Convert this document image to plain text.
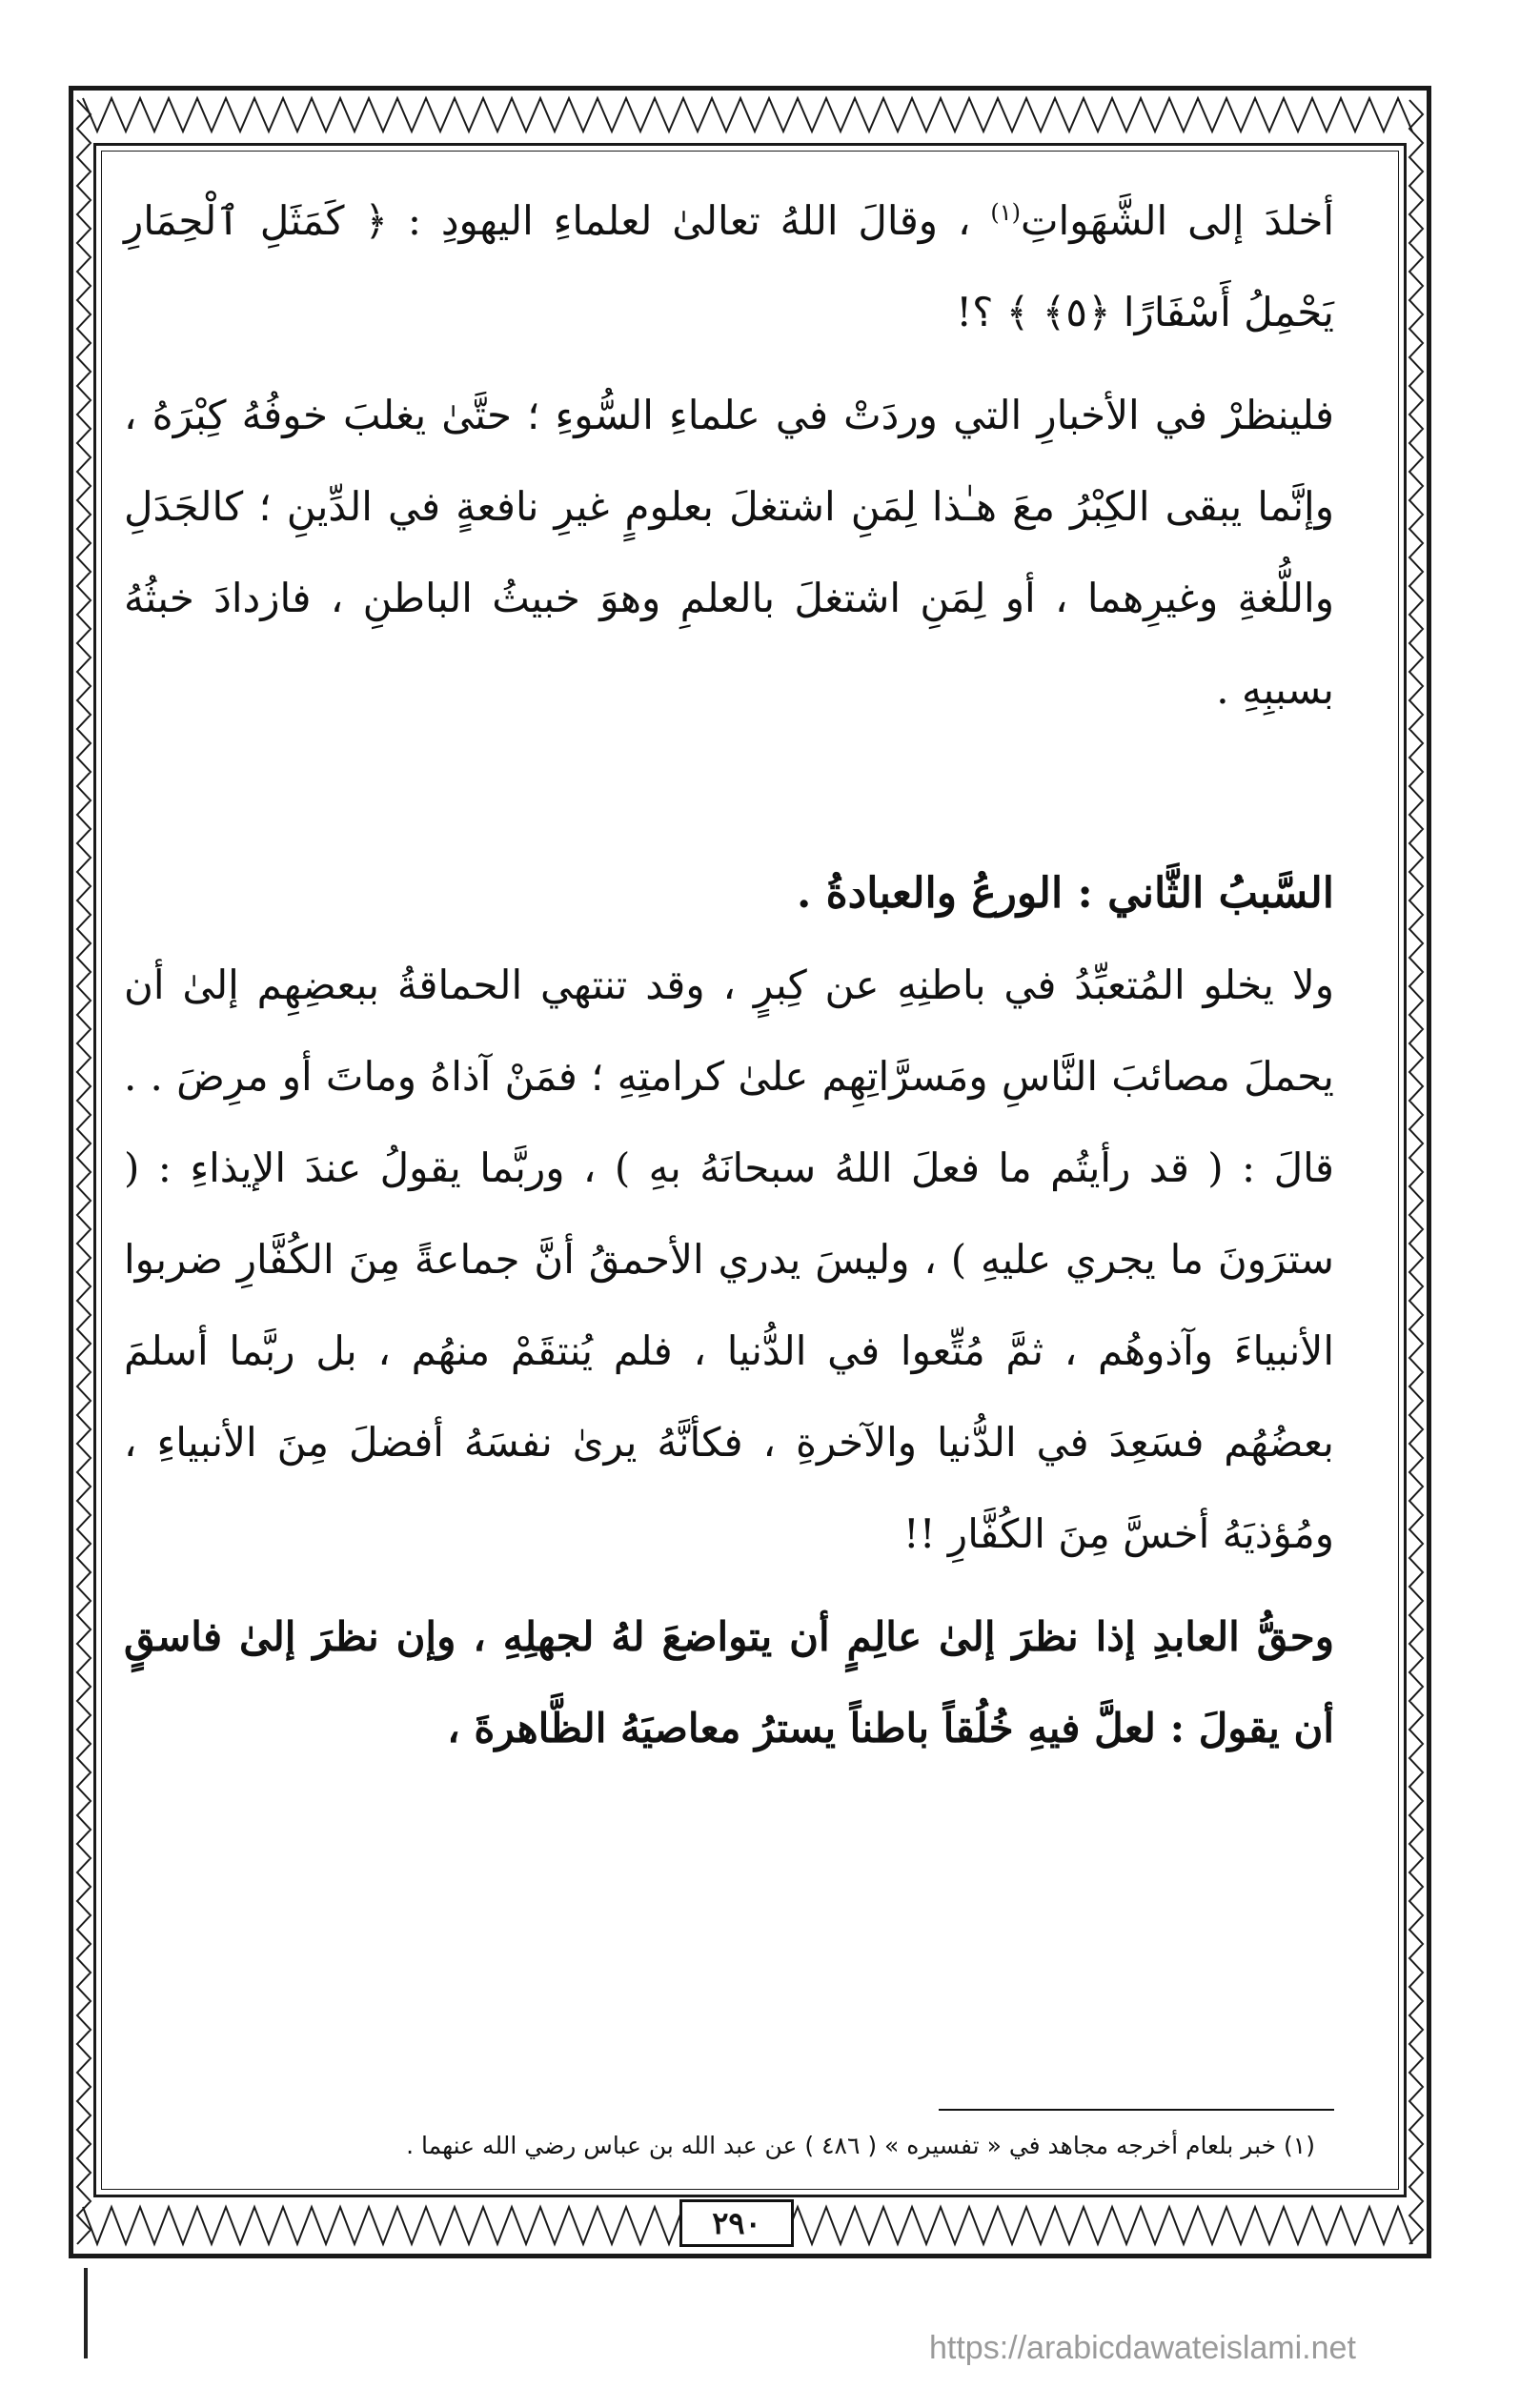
أخلدَ إلى الشَّهَواتِ$^{(١)}$ ، وقالَ اللهُ تعالىٰ لعلماءِ اليهودِ : ﴿ كَمَثَلِ ٱلْحِمَارِ يَحْمِلُ أَسْفَارًا ﴿٥﴾ ﴾ ؟!

فلينظرْ في الأخبارِ التي وردَتْ في علماءِ السُّوءِ ؛ حتَّىٰ يغلبَ خوفُهُ كِبْرَهُ ، وإنَّما يبقى الكِبْرُ معَ هـٰذا لِمَنِ اشتغلَ بعلومٍ غيرِ نافعةٍ في الدِّينِ ؛ كالجَدَلِ واللُّغةِ وغيرِهما ، أو لِمَنِ اشتغلَ بالعلمِ وهوَ خبيثُ الباطنِ ، فازدادَ خبثُهُ بسببِهِ .

السَّببُ الثَّاني : الورعُ والعبادةُ .

ولا يخلو المُتعبِّدُ في باطنِهِ عن كِبرٍ ، وقد تنتهي الحماقةُ ببعضِهِم إلىٰ أن يحملَ مصائبَ النَّاسِ ومَسرَّاتِهِم علىٰ كرامتِهِ ؛ فمَنْ آذاهُ وماتَ أو مرِضَ . . قالَ : ( قد رأيتُم ما فعلَ اللهُ سبحانَهُ بهِ ) ، وربَّما يقولُ عندَ الإيذاءِ : ( سترَونَ ما يجري عليهِ ) ، وليسَ يدري الأحمقُ أنَّ جماعةً مِنَ الكُفَّارِ ضربوا الأنبياءَ وآذوهُم ، ثمَّ مُتِّعوا في الدُّنيا ، فلم يُنتقَمْ منهُم ، بل ربَّما أسلمَ بعضُهُم فسَعِدَ في الدُّنيا والآخرةِ ، فكأنَّهُ يرىٰ نفسَهُ أفضلَ مِنَ الأنبياءِ ، ومُؤذيَهُ أخسَّ مِنَ الكُفَّارِ !!

وحقُّ العابدِ إذا نظرَ إلىٰ عالِمٍ أن يتواضعَ لهُ لجهلِهِ ، وإن نظرَ إلىٰ فاسقٍ أن يقولَ : لعلَّ فيهِ خُلُقاً باطناً يسترُ معاصيَهُ الظَّاهرةَ ،

(١) خبر بلعام أخرجه مجاهد في « تفسيره » ( ٤٨٦ ) عن عبد الله بن عباس رضي الله عنهما .
٢٩٠
https://arabicdawateislami.net
